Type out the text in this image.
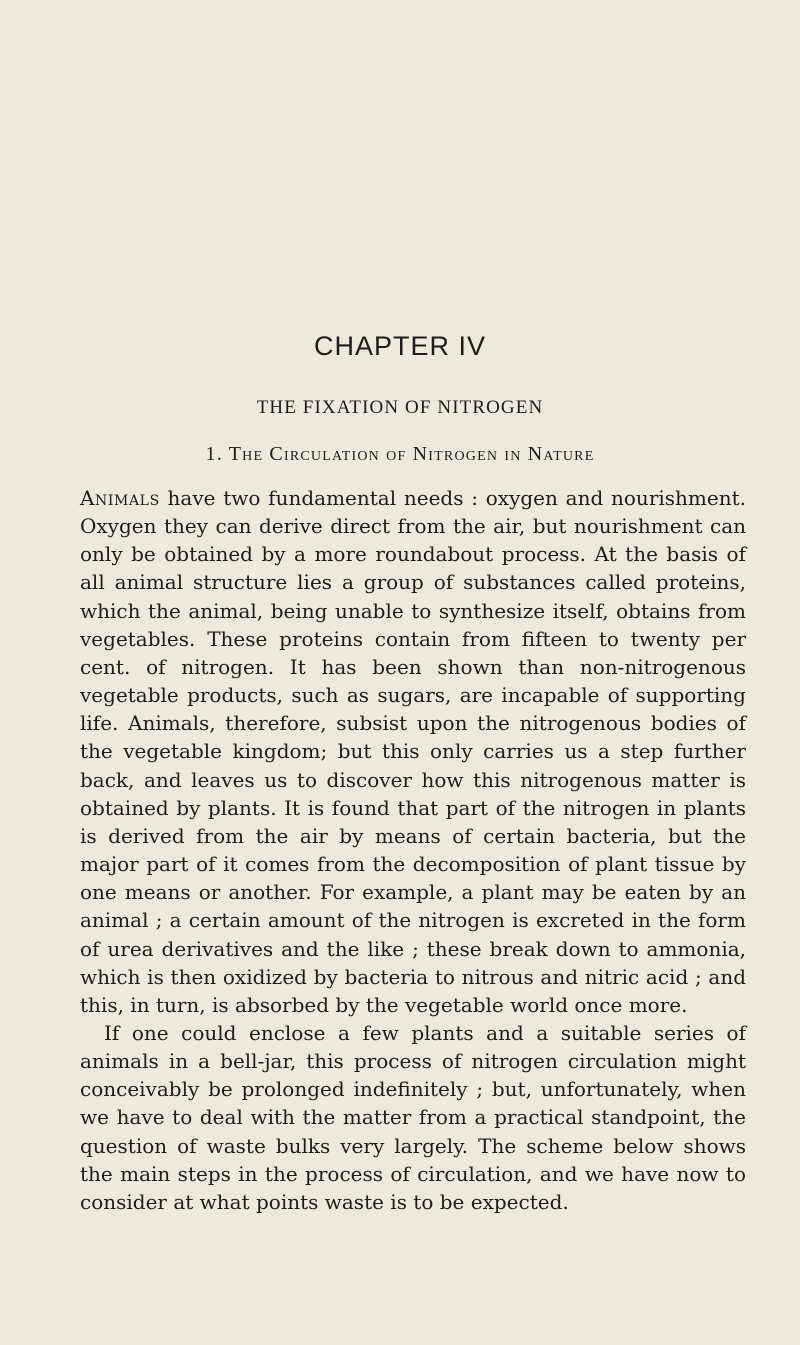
CHAPTER IV
THE FIXATION OF NITROGEN
1. The Circulation of Nitrogen in Nature

Animals have two fundamental needs : oxygen and nourishment. Oxygen they can derive direct from the air, but nourishment can only be obtained by a more roundabout process. At the basis of all animal structure lies a group of substances called proteins, which the animal, being unable to synthesize itself, obtains from vegetables. These proteins contain from fifteen to twenty per cent. of nitrogen. It has been shown than non-nitrogenous vegetable products, such as sugars, are incapable of supporting life. Animals, therefore, subsist upon the nitrogenous bodies of the vegetable kingdom; but this only carries us a step further back, and leaves us to discover how this nitrogenous matter is obtained by plants. It is found that part of the nitrogen in plants is derived from the air by means of certain bacteria, but the major part of it comes from the decomposition of plant tissue by one means or another. For example, a plant may be eaten by an animal ; a certain amount of the nitrogen is excreted in the form of urea derivatives and the like ; these break down to ammonia, which is then oxidized by bacteria to nitrous and nitric acid ; and this, in turn, is absorbed by the vegetable world once more.

If one could enclose a few plants and a suitable series of animals in a bell-jar, this process of nitrogen circulation might conceivably be prolonged indefinitely ; but, unfortunately, when we have to deal with the matter from a practical standpoint, the question of waste bulks very largely. The scheme below shows the main steps in the process of circulation, and we have now to consider at what points waste is to be expected.
